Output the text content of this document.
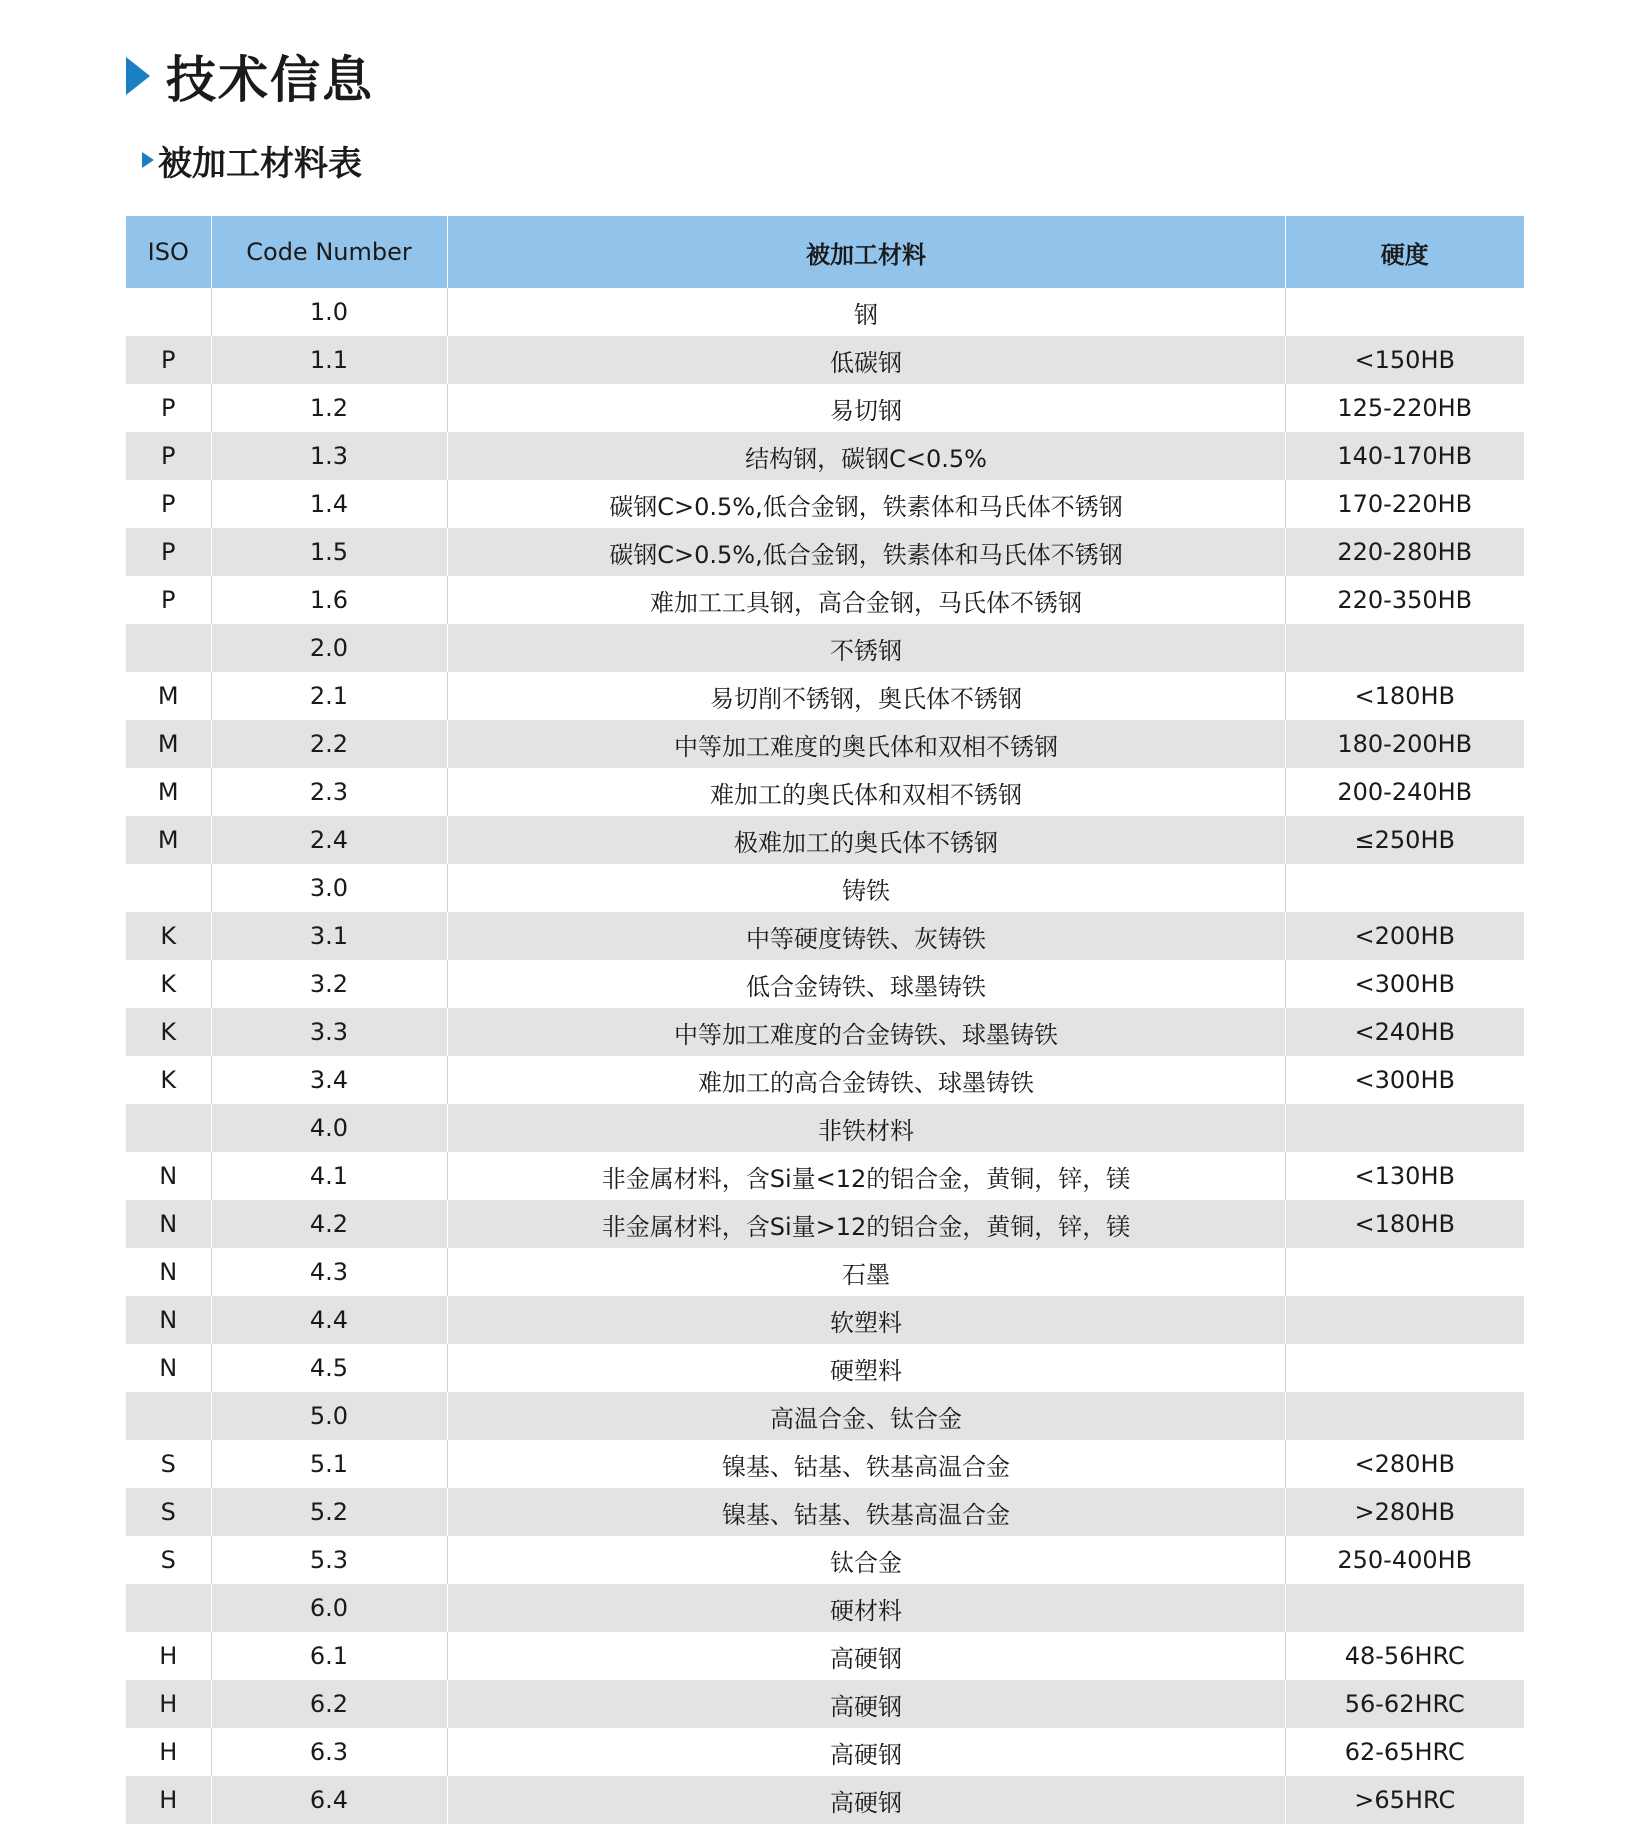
技术信息
被加工材料表
ISO	Code Number	被加工材料	硬度
	1.0	钢	
P	1.1	低碳钢	<150HB
P	1.2	易切钢	125-220HB
P	1.3	结构钢，碳钢C<0.5%	140-170HB
P	1.4	碳钢C>0.5%,低合金钢，铁素体和马氏体不锈钢	170-220HB
P	1.5	碳钢C>0.5%,低合金钢，铁素体和马氏体不锈钢	220-280HB
P	1.6	难加工工具钢，高合金钢，马氏体不锈钢	220-350HB
	2.0	不锈钢	
M	2.1	易切削不锈钢，奥氏体不锈钢	<180HB
M	2.2	中等加工难度的奥氏体和双相不锈钢	180-200HB
M	2.3	难加工的奥氏体和双相不锈钢	200-240HB
M	2.4	极难加工的奥氏体不锈钢	≤250HB
	3.0	铸铁	
K	3.1	中等硬度铸铁、灰铸铁	<200HB
K	3.2	低合金铸铁、球墨铸铁	<300HB
K	3.3	中等加工难度的合金铸铁、球墨铸铁	<240HB
K	3.4	难加工的高合金铸铁、球墨铸铁	<300HB
	4.0	非铁材料	
N	4.1	非金属材料，含Si量<12的铝合金，黄铜，锌，镁	<130HB
N	4.2	非金属材料，含Si量>12的铝合金，黄铜，锌，镁	<180HB
N	4.3	石墨	
N	4.4	软塑料	
N	4.5	硬塑料	
	5.0	高温合金、钛合金	
S	5.1	镍基、钴基、铁基高温合金	<280HB
S	5.2	镍基、钴基、铁基高温合金	>280HB
S	5.3	钛合金	250-400HB
	6.0	硬材料	
H	6.1	高硬钢	48-56HRC
H	6.2	高硬钢	56-62HRC
H	6.3	高硬钢	62-65HRC
H	6.4	高硬钢	>65HRC
